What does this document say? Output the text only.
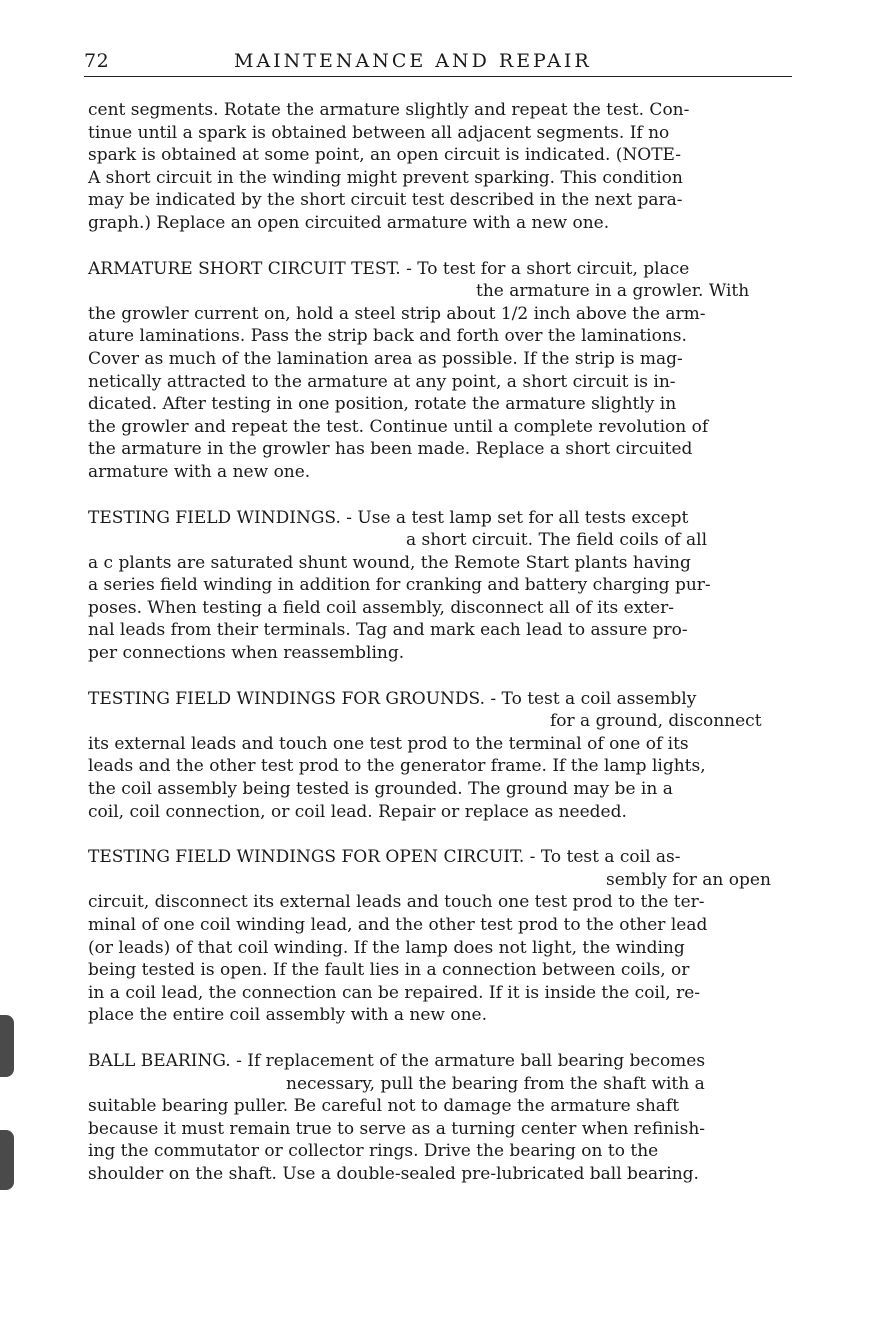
72	MAINTENANCE AND REPAIR
cent segments. Rotate the armature slightly and repeat the test. Con-
tinue until a spark is obtained between all adjacent segments. If no
spark is obtained at some point, an open circuit is indicated. (NOTE-
A short circuit in the winding might prevent sparking. This condition
may be indicated by the short circuit test described in the next para-
graph.) Replace an open circuited armature with a new one.
ARMATURE SHORT CIRCUIT TEST. - To test for a short circuit, place
the armature in a growler. With
the growler current on, hold a steel strip about 1/2 inch above the arm-
ature laminations. Pass the strip back and forth over the laminations.
Cover as much of the lamination area as possible. If the strip is mag-
netically attracted to the armature at any point, a short circuit is in-
dicated. After testing in one position, rotate the armature slightly in
the growler and repeat the test. Continue until a complete revolution of
the armature in the growler has been made. Replace a short circuited
armature with a new one.
TESTING FIELD WINDINGS. - Use a test lamp set for all tests except
a short circuit. The field coils of all
a c plants are saturated shunt wound, the Remote Start plants having
a series field winding in addition for cranking and battery charging pur-
poses. When testing a field coil assembly, disconnect all of its exter-
nal leads from their terminals. Tag and mark each lead to assure pro-
per connections when reassembling.
TESTING FIELD WINDINGS FOR GROUNDS. - To test a coil assembly
for a ground, disconnect
its external leads and touch one test prod to the terminal of one of its
leads and the other test prod to the generator frame. If the lamp lights,
the coil assembly being tested is grounded. The ground may be in a
coil, coil connection, or coil lead. Repair or replace as needed.
TESTING FIELD WINDINGS FOR OPEN CIRCUIT. - To test a coil as-
sembly for an open
circuit, disconnect its external leads and touch one test prod to the ter-
minal of one coil winding lead, and the other test prod to the other lead
(or leads) of that coil winding. If the lamp does not light, the winding
being tested is open. If the fault lies in a connection between coils, or
in a coil lead, the connection can be repaired. If it is inside the coil, re-
place the entire coil assembly with a new one.
BALL BEARING. - If replacement of the armature ball bearing becomes
necessary, pull the bearing from the shaft with a
suitable bearing puller. Be careful not to damage the armature shaft
because it must remain true to serve as a turning center when refinish-
ing the commutator or collector rings. Drive the bearing on to the
shoulder on the shaft. Use a double-sealed pre-lubricated ball bearing.
